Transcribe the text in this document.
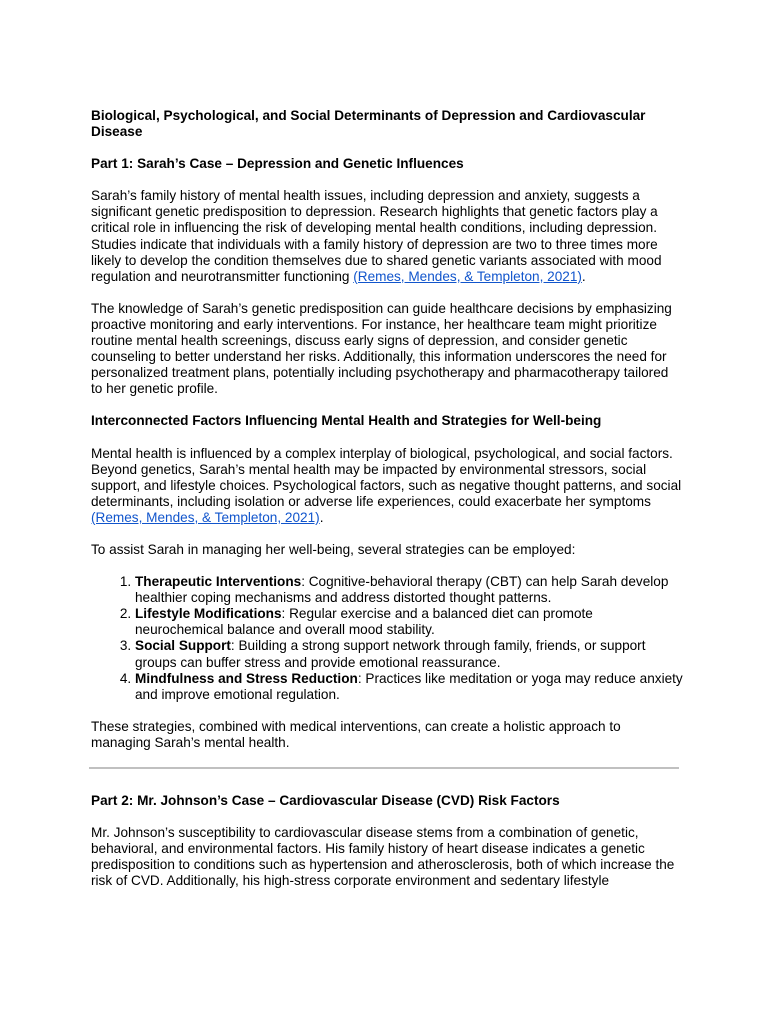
Biological, Psychological, and Social Determinants of Depression and Cardiovascular Disease
Part 1: Sarah’s Case – Depression and Genetic Influences

Sarah’s family history of mental health issues, including depression and anxiety, suggests a significant genetic predisposition to depression. Research highlights that genetic factors play a critical role in influencing the risk of developing mental health conditions, including depression. Studies indicate that individuals with a family history of depression are two to three times more likely to develop the condition themselves due to shared genetic variants associated with mood regulation and neurotransmitter functioning (Remes, Mendes, & Templeton, 2021).

The knowledge of Sarah’s genetic predisposition can guide healthcare decisions by emphasizing proactive monitoring and early interventions. For instance, her healthcare team might prioritize routine mental health screenings, discuss early signs of depression, and consider genetic counseling to better understand her risks. Additionally, this information underscores the need for personalized treatment plans, potentially including psychotherapy and pharmacotherapy tailored to her genetic profile.

Interconnected Factors Influencing Mental Health and Strategies for Well-being

Mental health is influenced by a complex interplay of biological, psychological, and social factors. Beyond genetics, Sarah’s mental health may be impacted by environmental stressors, social support, and lifestyle choices. Psychological factors, such as negative thought patterns, and social determinants, including isolation or adverse life experiences, could exacerbate her symptoms (Remes, Mendes, & Templeton, 2021).

To assist Sarah in managing her well-being, several strategies can be employed:

1. Therapeutic Interventions: Cognitive-behavioral therapy (CBT) can help Sarah develop healthier coping mechanisms and address distorted thought patterns.
2. Lifestyle Modifications: Regular exercise and a balanced diet can promote neurochemical balance and overall mood stability.
3. Social Support: Building a strong support network through family, friends, or support groups can buffer stress and provide emotional reassurance.
4. Mindfulness and Stress Reduction: Practices like meditation or yoga may reduce anxiety and improve emotional regulation.

These strategies, combined with medical interventions, can create a holistic approach to managing Sarah’s mental health.

Part 2: Mr. Johnson’s Case – Cardiovascular Disease (CVD) Risk Factors

Mr. Johnson’s susceptibility to cardiovascular disease stems from a combination of genetic, behavioral, and environmental factors. His family history of heart disease indicates a genetic predisposition to conditions such as hypertension and atherosclerosis, both of which increase the risk of CVD. Additionally, his high-stress corporate environment and sedentary lifestyle
